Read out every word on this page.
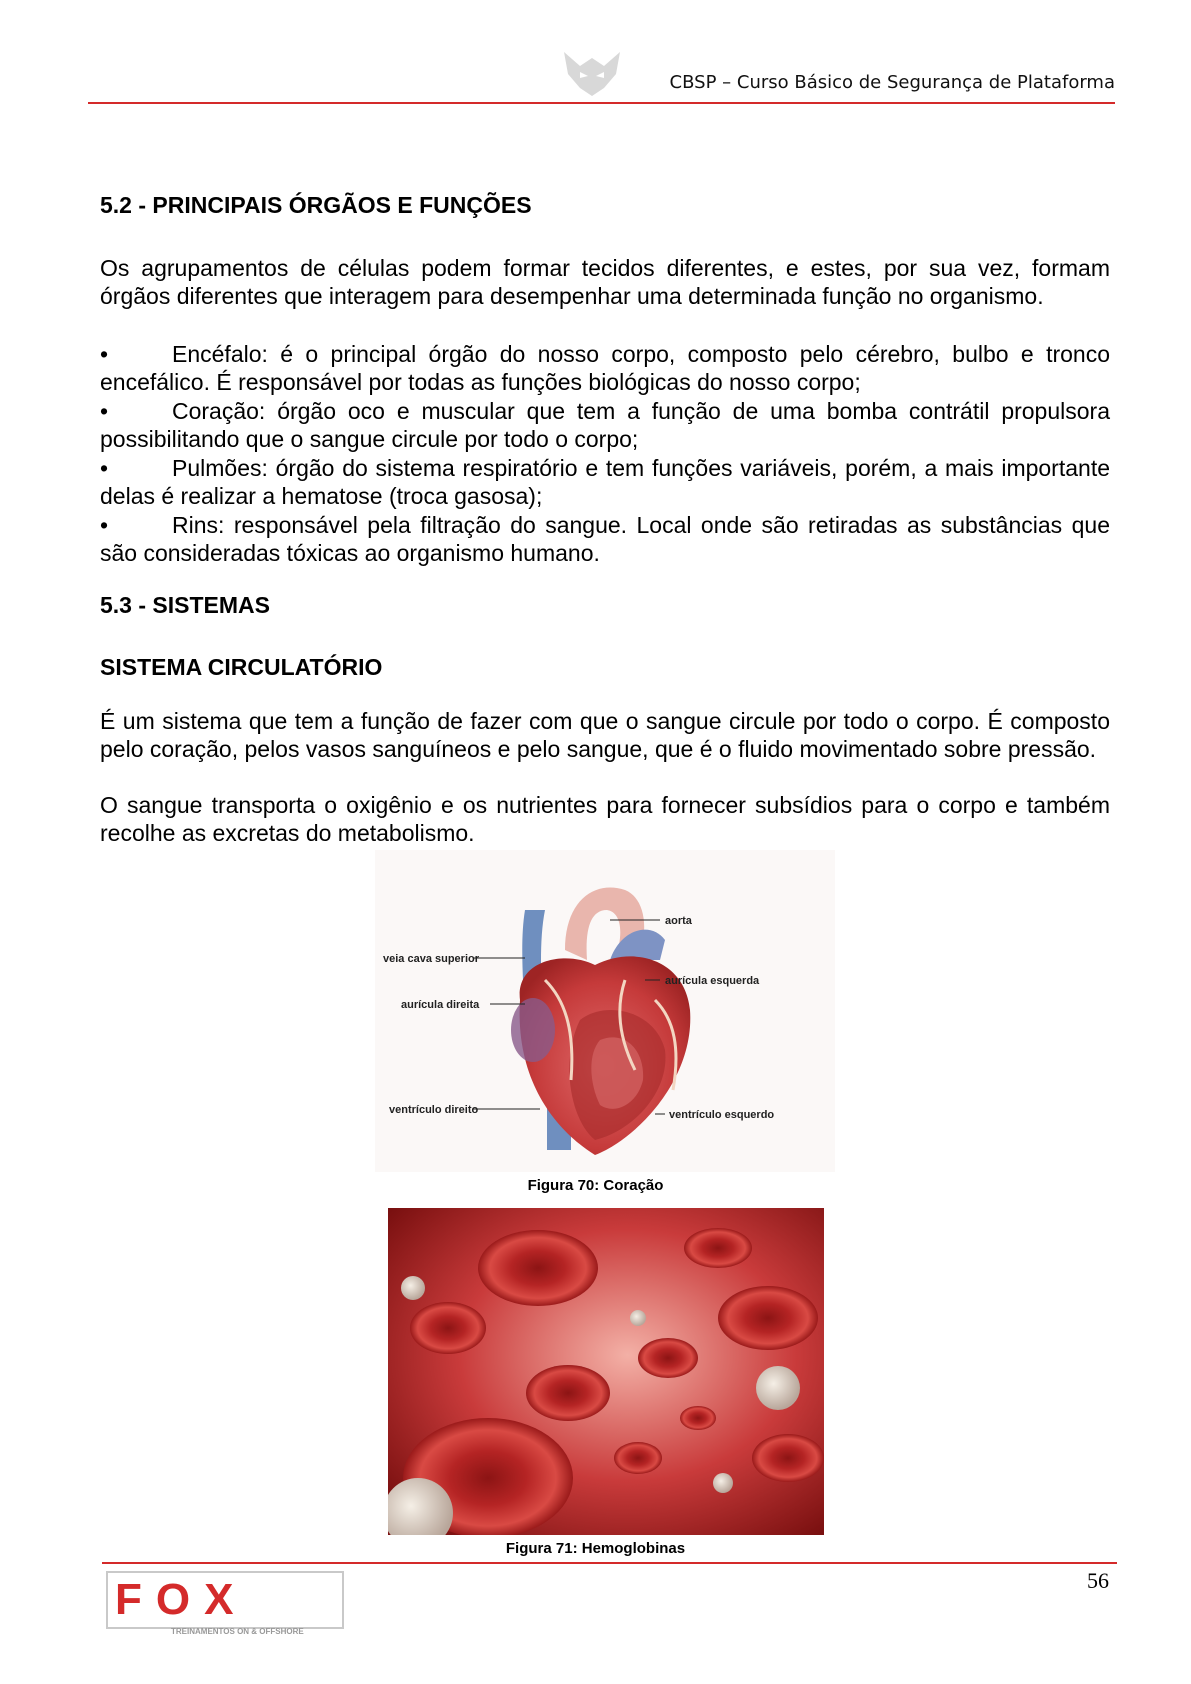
CBSP – Curso Básico de Segurança de Plataforma
5.2 - PRINCIPAIS ÓRGÃOS E FUNÇÕES

Os agrupamentos de células podem formar tecidos diferentes, e estes, por sua vez, formam órgãos diferentes que interagem para desempenhar uma determinada função no organismo.

•	Encéfalo: é o principal órgão do nosso corpo, composto pelo cérebro, bulbo e tronco encefálico. É responsável por todas as funções biológicas do nosso corpo;

•	Coração: órgão oco e muscular que tem a função de uma bomba contrátil propulsora possibilitando que o sangue circule por todo o corpo;

•	Pulmões: órgão do sistema respiratório e tem funções variáveis, porém, a mais importante delas é realizar a hematose (troca gasosa);

•	Rins: responsável pela filtração do sangue. Local onde são retiradas as substâncias que são consideradas tóxicas ao organismo humano.

5.3 - SISTEMAS
SISTEMA CIRCULATÓRIO

É um sistema que tem a função de fazer com que o sangue circule por todo o corpo. É composto pelo coração, pelos vasos sanguíneos e pelo sangue, que é o fluido movimentado sobre pressão.

O sangue transporta o oxigênio e os nutrientes para fornecer subsídios para o corpo e também recolhe as excretas do metabolismo.

aorta
veia cava superior
aurícula esquerda
aurícula direita
ventrículo direito	ventrículo esquerdo
Figura 70: Coração
Figura 71: Hemoglobinas
56
FOX
TREINAMENTOS ON & OFFSHORE
